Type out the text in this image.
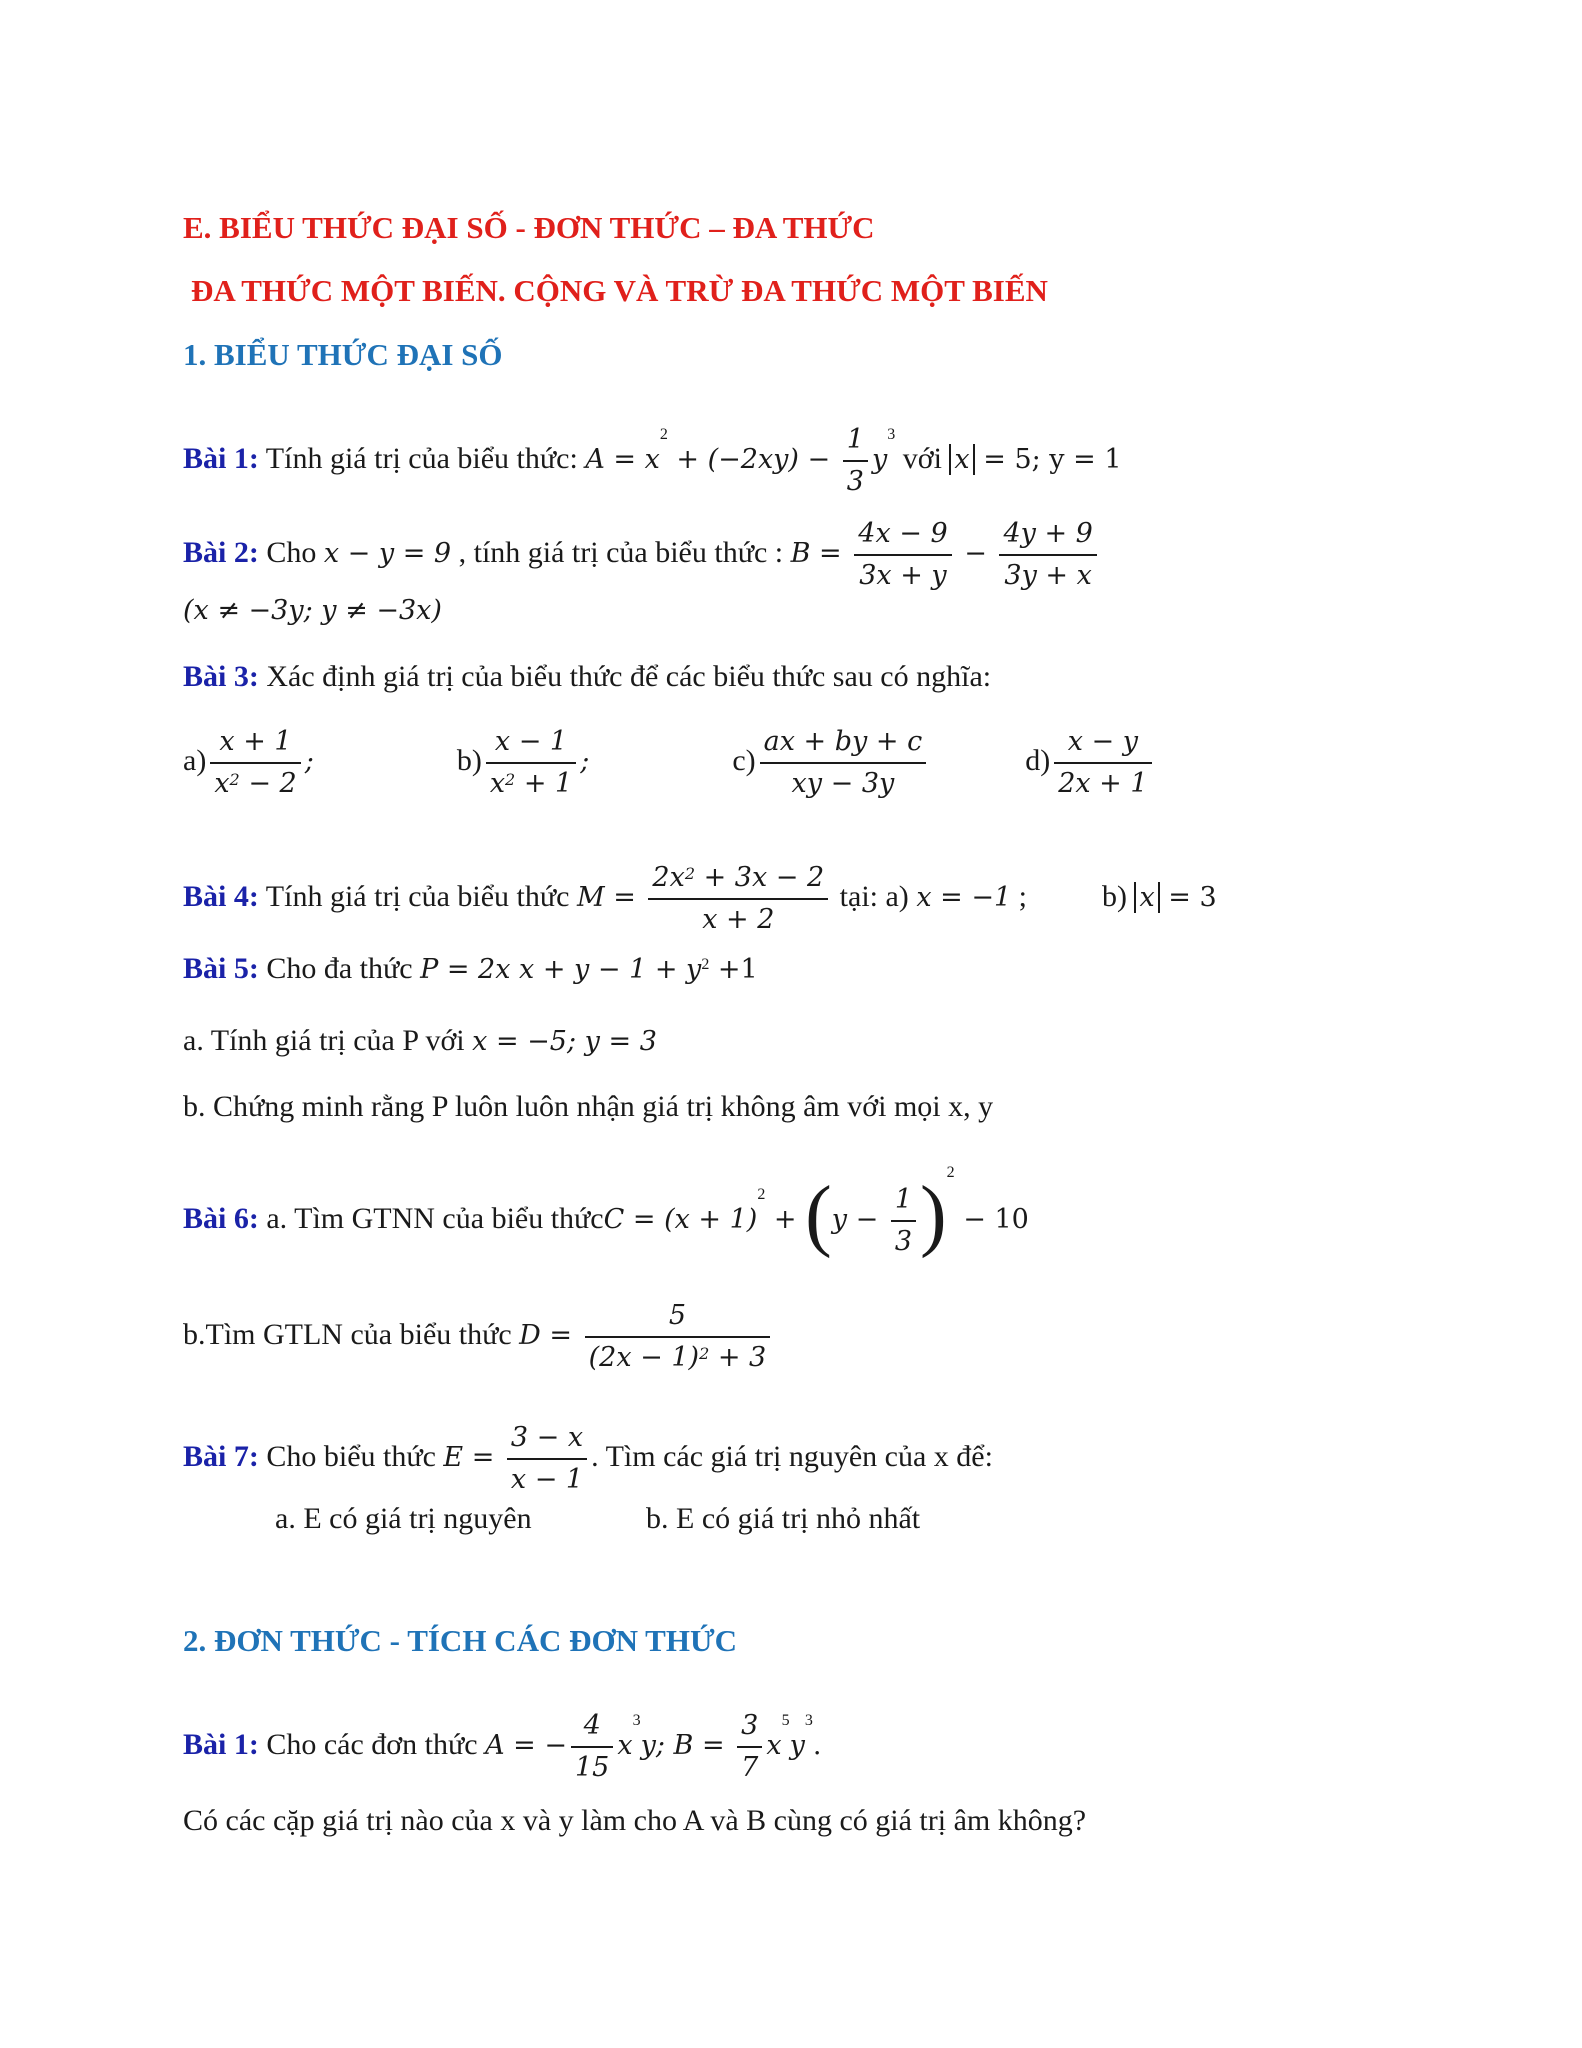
E. BIỂU THỨC ĐẠI SỐ - ĐƠN THỨC – ĐA THỨC
ĐA THỨC MỘT BIẾN. CỘNG VÀ TRỪ ĐA THỨC MỘT BIẾN
1. BIỂU THỨC ĐẠI SỐ
Bài 1: Tính giá trị của biểu thức: $A = x^2 + (-2xy) - \frac{1}{3} y^3$ với x = 5; y = 1
Bài 2: Cho x − y = 9 , tính giá trị của biểu thức : $B = \frac{4x - 9}{3x + y} - \frac{4y + 9}{3y + x}$
(x ≠ −3y; y ≠ −3x)
Bài 3: Xác định giá trị của biểu thức để các biểu thức sau có nghĩa:
$a) \frac{x + 1}{x^2 - 2}$ ;	$b) \frac{x - 1}{x^2 + 1}$ ;	$c) \frac{ax + by + c}{xy - 3y}$	$d) \frac{x - y}{2x + 1}$
Bài 4: Tính giá trị của biểu thức $M = \frac{2x^2 + 3x - 2}{x + 2}$ tại: a) x = −1 ;	b) x = 3
Bài 5: Cho đa thức P = 2x $x + y - 1 + y^2 +1$
a. Tính giá trị của P với x = −5; y = 3
b. Chứng minh rằng P luôn luôn nhận giá trị không âm với mọi x, y
Bài 6: a. Tìm GTNN của biểu thứcC = $(x + 1)^2 + (y - \frac{1}{3} )^2 - 10$
b.Tìm GTLN của biểu thức $D = \frac{5}{(2x - 1)^2 + 3}$
Bài 7: Cho biểu thức $E = \frac{3 - x}{x - 1}$ . Tìm các giá trị nguyên của x để:
a. E có giá trị nguyên	b. E có giá trị nhỏ nhất
2. ĐƠN THỨC - TÍCH CÁC ĐƠN THỨC
Bài 1: Cho các đơn thức A = − $\frac{4}{15} x^3y$; $B = \frac{3}{7} x^5y^3$.
Có các cặp giá trị nào của x và y làm cho A và B cùng có giá trị âm không?
